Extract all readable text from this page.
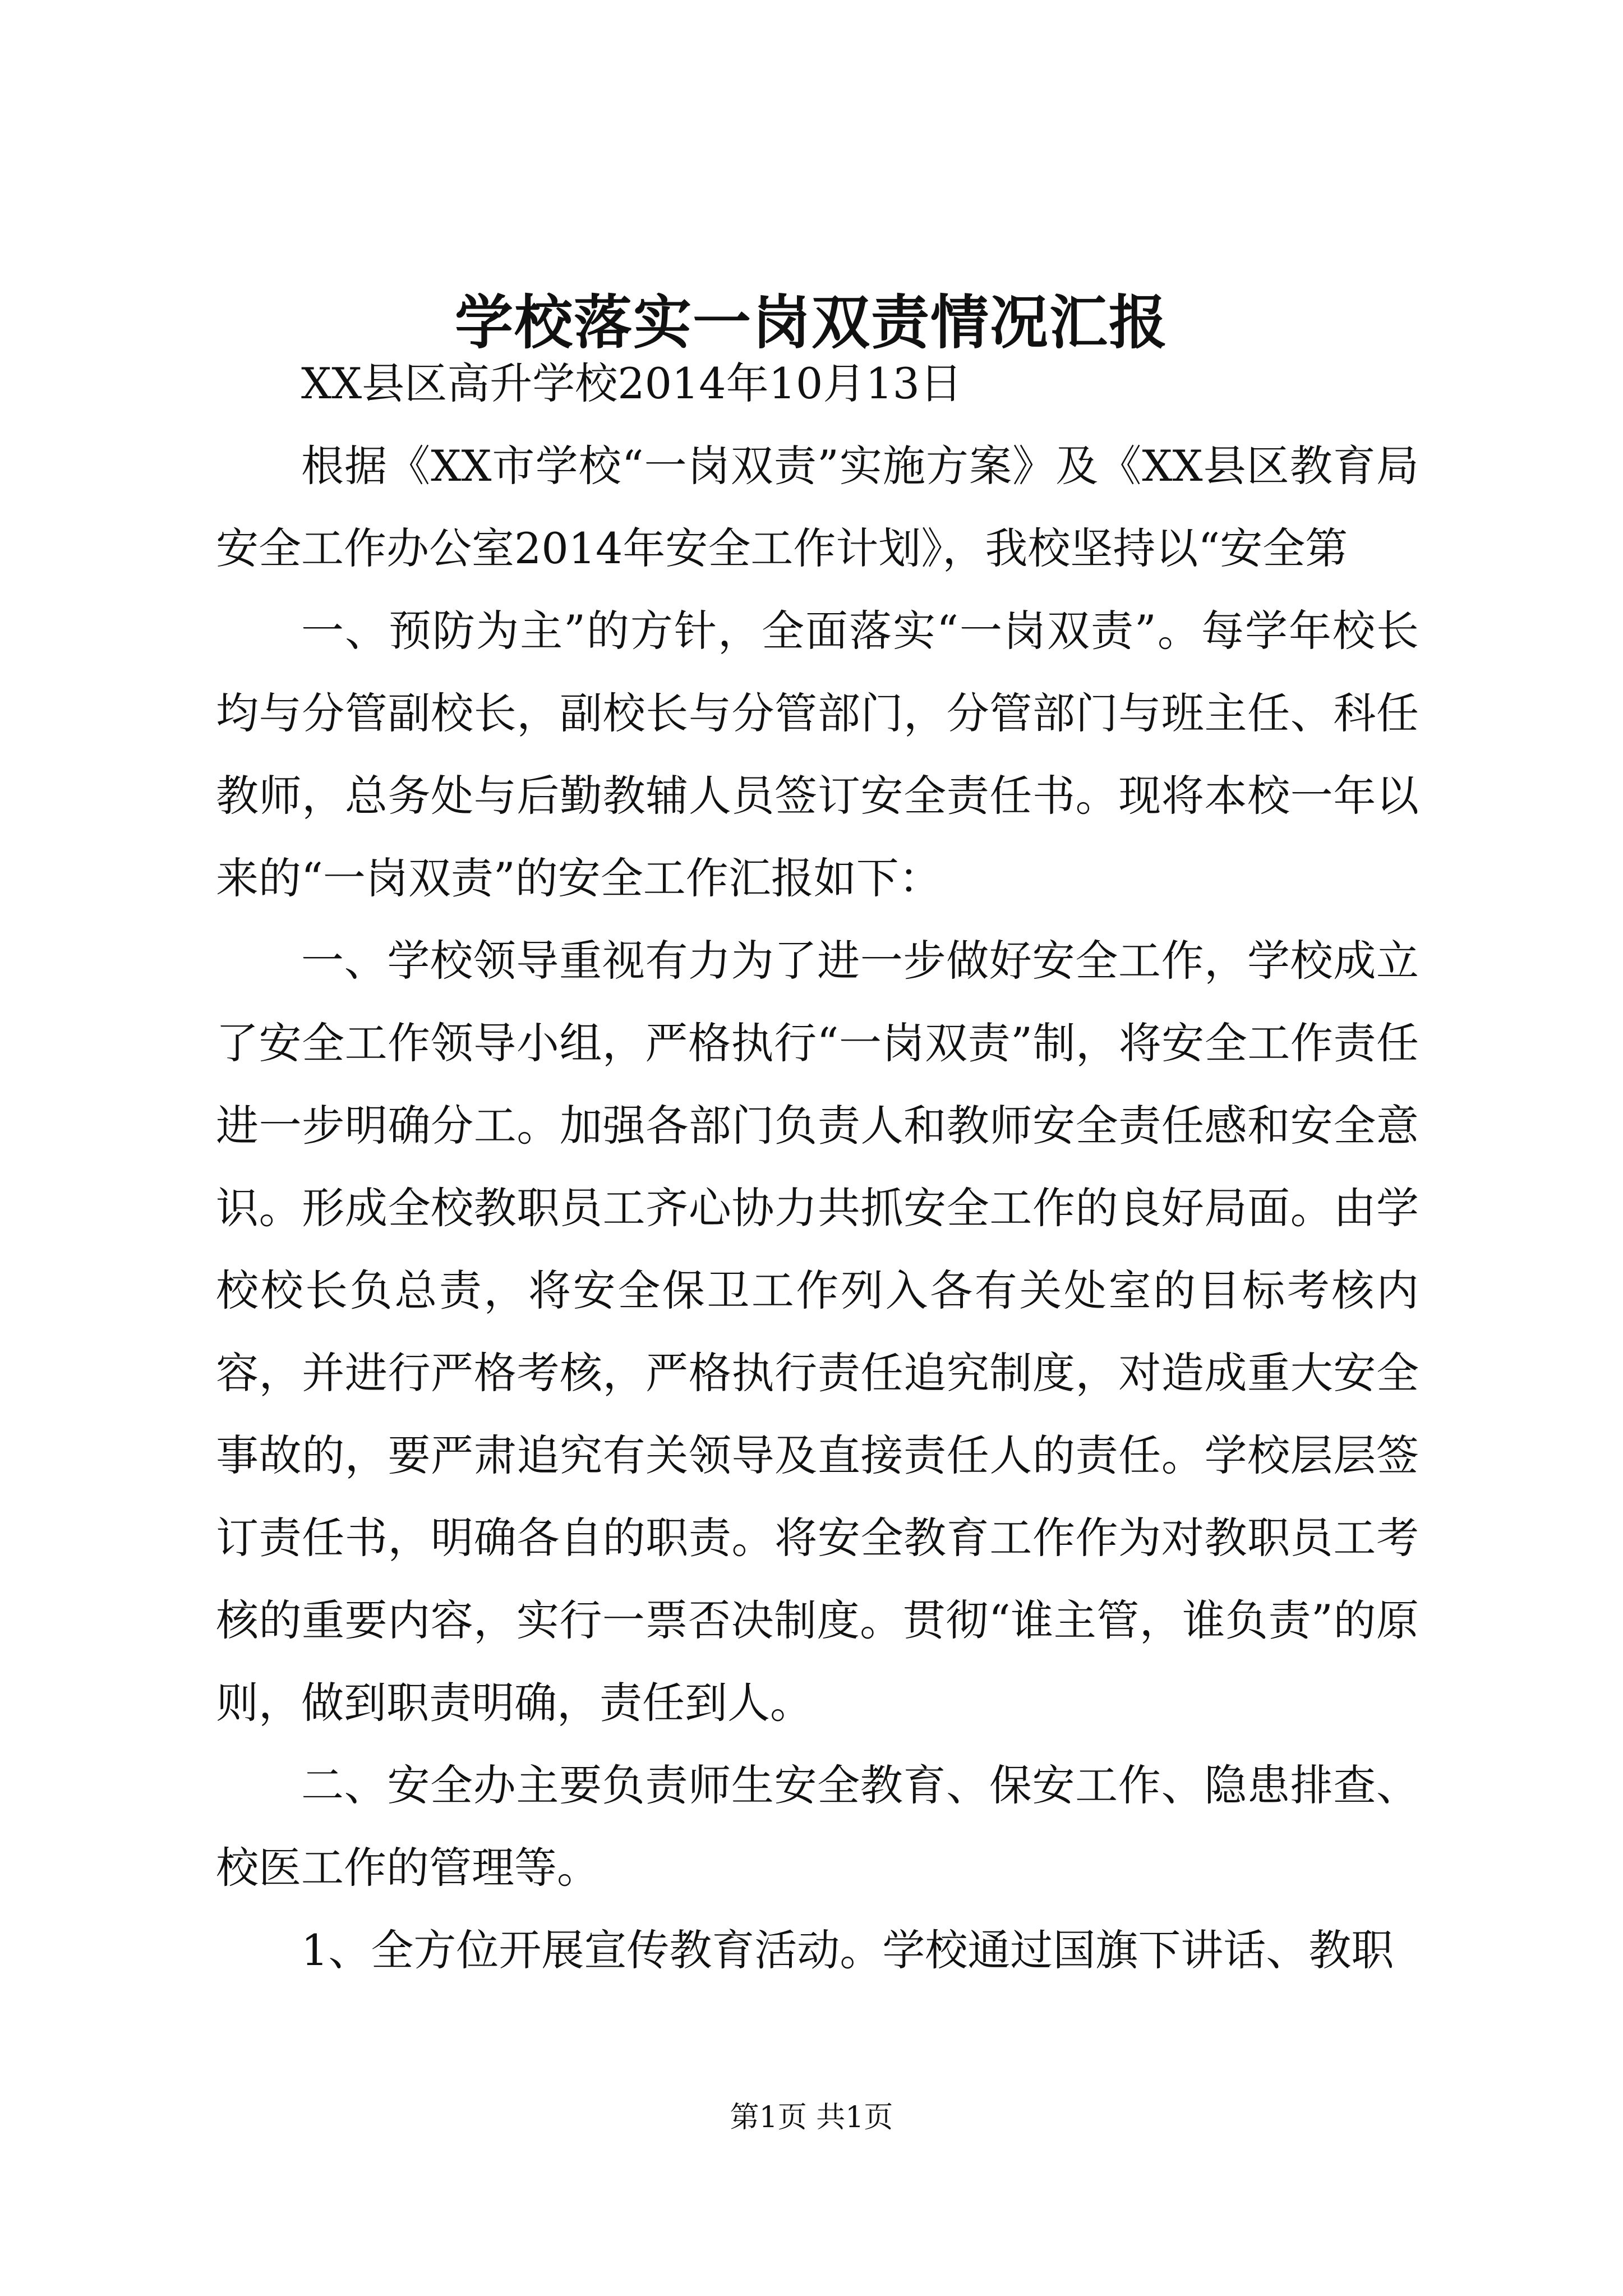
学校落实一岗双责情况汇报

XX县区高升学校2014年10月13日

根据《XX市学校“一岗双责”实施方案》及《XX县区教育局安全工作办公室2014年安全工作计划》，我校坚持以“安全第

一、预防为主”的方针，全面落实“一岗双责”。每学年校长均与分管副校长，副校长与分管部门，分管部门与班主任、科任教师，总务处与后勤教辅人员签订安全责任书。现将本校一年以来的“一岗双责”的安全工作汇报如下：

一、学校领导重视有力为了进一步做好安全工作，学校成立了安全工作领导小组，严格执行“一岗双责”制，将安全工作责任进一步明确分工。加强各部门负责人和教师安全责任感和安全意识。形成全校教职员工齐心协力共抓安全工作的良好局面。由学校校长负总责，将安全保卫工作列入各有关处室的目标考核内容，并进行严格考核，严格执行责任追究制度，对造成重大安全事故的，要严肃追究有关领导及直接责任人的责任。学校层层签订责任书，明确各自的职责。将安全教育工作作为对教职员工考核的重要内容，实行一票否决制度。贯彻“谁主管，谁负责”的原则，做到职责明确，责任到人。

二、安全办主要负责师生安全教育、保安工作、隐患排查、校医工作的管理等。

1、全方位开展宣传教育活动。学校通过国旗下讲话、教职

第1页 共1页
